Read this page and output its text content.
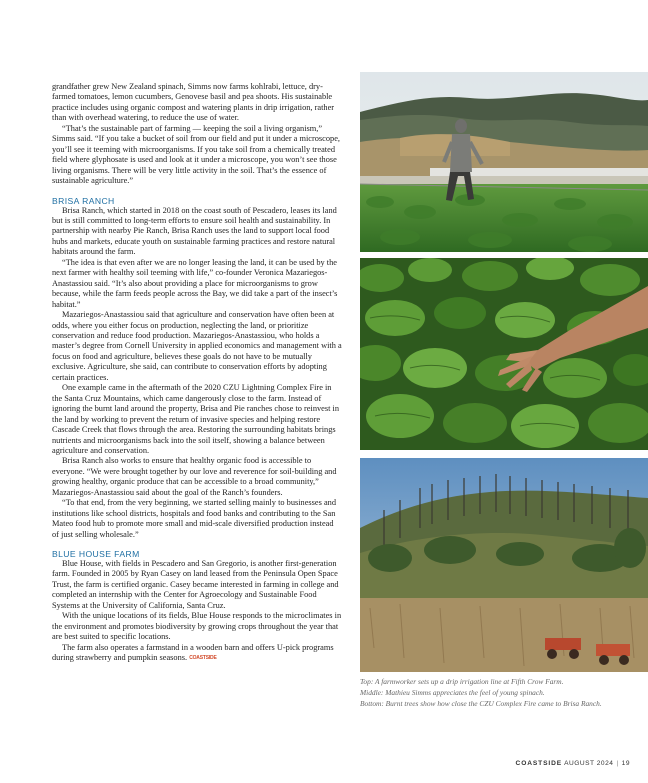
grandfather grew New Zealand spinach, Simms now farms kohlrabi, lettuce, dry-farmed tomatoes, lemon cucumbers, Genovese basil and pea shoots. His sustainable practice includes using organic compost and watering plants in drip irrigation, rather than with overhead watering, to reduce the use of water.

“That’s the sustainable part of farming — keeping the soil a living organism,” Simms said. “If you take a bucket of soil from our field and put it under a microscope, you’ll see it teeming with microorganisms. If you take soil from a chemically treated field where glyphosate is used and look at it under a microscope, you won’t see those living organisms. There will be very little activity in the soil. That’s the essence of sustainable agriculture.”

BRISA RANCH

Brisa Ranch, which started in 2018 on the coast south of Pescadero, leases its land but is still committed to long-term efforts to ensure soil health and sustainability. In partnership with nearby Pie Ranch, Brisa Ranch uses the land to support local food hubs and markets, educate youth on sustainable farming practices and restore natural habitats around the farm.

“The idea is that even after we are no longer leasing the land, it can be used by the next farmer with healthy soil teeming with life,” co-founder Veronica Mazariegos-Anastassiou said. “It’s also about providing a place for microorganisms to grow because, while the farm feeds people across the Bay, we did take a part of the insect’s habitat.”

Mazariegos-Anastassiou said that agriculture and conservation have often been at odds, where you either focus on production, neglecting the land, or prioritize conservation and reduce food production. Mazariegos-Anastassiou, who holds a master’s degree from Cornell University in applied economics and management with a focus on food and agriculture, believes these goals do not have to be mutually exclusive. Agriculture, she said, can contribute to conservation efforts by adopting certain practices.

One example came in the aftermath of the 2020 CZU Lightning Complex Fire in the Santa Cruz Mountains, which came dangerously close to the farm. Instead of ignoring the burnt land around the property, Brisa and Pie ranches chose to reinvest in the land by working to prevent the return of invasive species and helping restore Cascade Creek that flows through the area. Restoring the surrounding habitats brings nutrients and microorganisms back into the soil itself, showing a balance between agriculture and conservation.

Brisa Ranch also works to ensure that healthy organic food is accessible to everyone. “We were brought together by our love and reverence for soil-building and growing healthy, organic produce that can be accessible to a broad community,” Mazariegos-Anastassiou said about the goal of the Ranch’s founders.

“To that end, from the very beginning, we started selling mainly to businesses and institutions like school districts, hospitals and food banks and contributing to the San Mateo food hub to promote more small and mid-scale diversified production instead of just selling wholesale.”

BLUE HOUSE FARM

Blue House, with fields in Pescadero and San Gregorio, is another first-generation farm. Founded in 2005 by Ryan Casey on land leased from the Peninsula Open Space Trust, the farm is certified organic. Casey became interested in farming in college and completed an internship with the Center for Agroecology and Sustainable Food Systems at the University of California, Santa Cruz.

With the unique locations of its fields, Blue House responds to the microclimates in the environment and promotes biodiversity by growing crops throughout the year that are best suited to specific locations.

The farm also operates a farmstand in a wooden barn and offers U-pick programs during strawberry and pumpkin seasons. COASTSIDE

Top: A farmworker sets up a drip irrigation line at Fifth Crow Farm.
Middle: Mathieu Simms appreciates the feel of young spinach.
Bottom: Burnt trees show how close the CZU Complex Fire came to Brisa Ranch.
COASTSIDE AUGUST 2024 | 19
